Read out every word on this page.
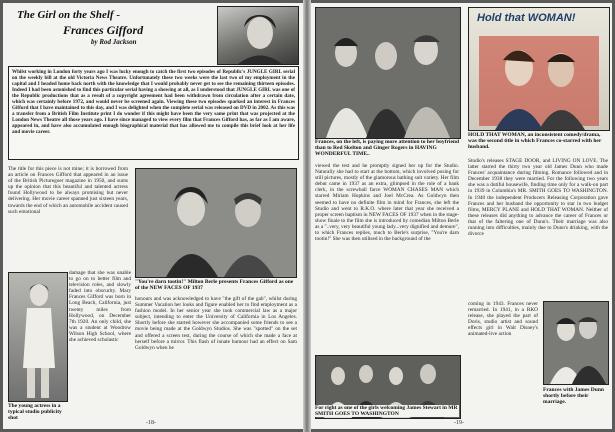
The Girl on the Shelf -
Frances Gifford
by Rod Jackson
Whilst working in London forty years ago I was lucky enough to catch the first two episodes of Republic's JUNGLE GIRL serial on the weekly bill at the old Victoria News Theatre. Unfortunately these two weeks were the last two of my employment in the capital and I headed home back north with the knowledge that I would probably never get to see the remaining thirteen episodes. Indeed I had been astonished to find this particular serial having a showing at all, as I understood that JUNGLE GIRL was one of the Republic productions that as a result of a copyright agreement had been withdrawn from circulation after a certain date, which was certainly before 1972, and would never be screened again. Viewing these two episodes sparked an interest in Frances Gifford that I have maintained to this day, and I was delighted when the complete serial was released on DVD in 2002. As this was a transfer from a British Film Institute print I do wonder if this might have been the very same print that was projected at the London News Theatre all those years ago. I have since managed to view every film that Frances Gifford has, as far as I am aware, appeared in, and have also accumulated enough biographical material that has allowed me to compile this brief look at her life and movie career.
The title for this piece is not mine; it is borrowed from an article on Frances Gifford that appeared in an issue of the British Picturegoer magazine in 1950, and sums up the opinion that this beautiful and talented actress found Hollywood to be always promising but never delivering. Her movie career spanned just sixteen years, towards the end of which an automobile accident caused such emotional
"You're darn tootin!" Milton Berle presents Frances Gifford as one of the NEW FACES OF 1937
damage that she was unable to go on to better film and television roles, and slowly faded into obscurity. Mary Frances Gifford was born in Long Beach, California, just twenty miles from Hollywood, on December 7th 1920. An only child, she was a student at Woodrow Wilson High School, where she achieved scholastic
The young actress in a typical studio publicity shot
honours and was acknowledged to have "the gift of the gab", whilst during Summer Vacation her looks and figure enabled her to find employment as a fashion model. In her senior year she took commercial law as a major subject, intending to enter the University of California in Los Angeles. Shortly before she started however she accompanied some friends to see a movie being made at the Goldwyn Studios. She was "spotted" on the set and offered a screen test, during the course of which she made a face at herself before a mirror. This flash of innate humour had an effect on Sam Goldwyn when he
-18-
Frances, on the left, is paying more attention to her boyfriend than to Red Skelton and Ginger Rogers in HAVING WONDERFUL TIME..
Hold that WOMAN!
HOLD THAT WOMAN, an inconsistent comedy/drama, was the second title in which Frances co-starred with her husband.
viewed the test and he promptly signed her up for the Studio. Naturally she had to start at the bottom, which involved posing for still pictures, mostly of the glamorous bathing suit variety. Her film debut came in 1937 as an extra, glimpsed in the role of a bank clerk, in the screwball farce WOMAN CHASES MAN which starred Miriam Hopkins and Joel McCrea. As Goldwyn then seemed to have no definite film in mind for Frances, she left the Studio and went to R.K.O. where later that year she received a proper screen baptism in NEW FACES OF 1937 when in the stage-show finale to the film she is introduced by comedian Milton Berle as a "..very, very beautiful young lady...very dignified and demure", to which Frances replies, much to Berle's surprise, "You're darn tootin!" She was then utilised in the background of the
Studio's releases STAGE DOOR, and LIVING ON LOVE. The latter starred the thirty two year old James Dunn who made Frances' acquaintance during filming. Romance followed and in December 1938 they were married. For the following two years she was a dutiful housewife, finding time only for a walk-on part in 1939 in Columbia's MR. SMITH GOES TO WASHINGTON. In 1940 the independent Producers Releasing Corporation gave Frances and her husband the opportunity to star in two budget films, MERCY PLANE and HOLD THAT WOMAN. Neither of these releases did anything to advance the career of Frances or that of the faltering one of Dunn's. Their marriage was also running into difficulties, mainly due to Dunn's drinking, with the divorce
coming in 1943. Frances never remarried. In 1941, in a RKO release, she played the part of Doris, studio artist and sound effects girl in Walt Disney's animated-live action
For right as one of the girls welcoming James Stewart in MR SMITH GOES TO WASHINGTON
Frances with James Dunn shortly before their marriage.
-19-
